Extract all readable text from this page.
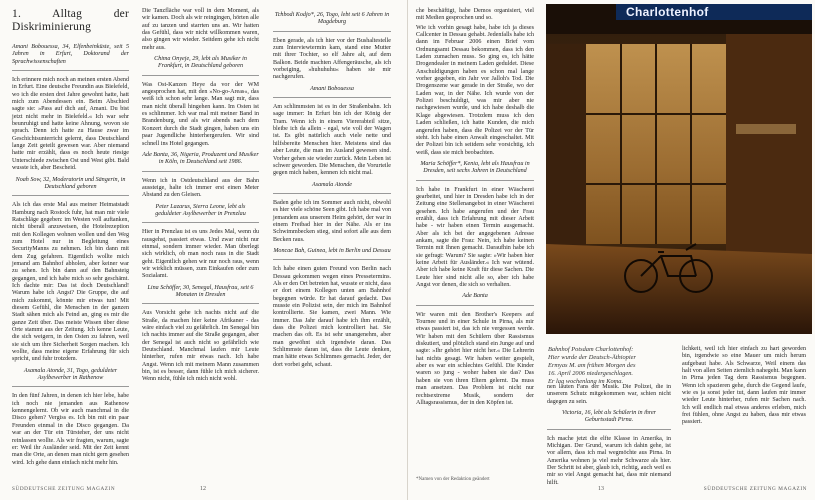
1. Alltag der Diskriminierung

Amani Bobouessa, 34, Elfenbeinküste, seit 5 Jahren in Erfurt, Doktorand der Sprachwissenschaften

Ich erinnere mich noch an meinen ersten Abend in Erfurt. Eine deutsche Freundin aus Bielefeld, wo ich die ersten drei Jahre gewohnt hatte, hatt mich zum Abendessen ein. Beim Abschied sagte sie: »Pass auf dich auf, Amani. Du bist jetzt nicht mehr in Bielefeld.« Ich war sehr beunruhigt und hatte keine Ahnung, wovon sie sprach. Denn ich hatte zu Hause zwar im Geschichtsunterricht gelernt, dass Deutschland lange Zeit geteilt gewesen war. Aber niemand hatte mir erzählt, dass es noch heute riesige Unterschiede zwischen Ost und West gibt. Bald wusste ich, aber Bescheid.

Noah Sow, 32, Moderatorin und Sängerin, in Deutschland geboren

Als ich das erste Mal aus meiner Heimatstadt Hamburg nach Rostock fuhr, hat man mir viele Ratschläge gegeben: im Westen voll auftanken, nicht überall anzuweisen, die Hotelrezeption mit den Kollegen wohnen wollen und den Weg zum Hotel nur in Begleitung eines SecurityManns zu nehmen. Ich bin dann mit dem Zug gefahren. Eigentlich wollte mich jemand am Bahnhof abholen, aber keiner war zu sehen. Ich bin dann auf den Bahnsteig gegangen, und ich habe mich so sehr geschämt. Ich dachte mir: Das ist doch Deutschland! Warum habe ich Angst? Die Gruppe, die auf mich zukommt, könnte mir etwas tun! Mit diesem Gefühl, die Menschen in der ganzen Stadt sähen mich als Feind an, ging es mir die ganze Zeit über. Das meiste Wissen über diese Orte stammt aus der Zeitung. Ich kenne Leute, die sich weigern, in den Osten zu fahren, weil sie sich um ihre Sicherheit Sorgen machen. Ich wollte, dass meine eigene Erfahrung für sich spricht, und fuhr trotzdem.

Asamala Atonde, 31, Togo, geduldeter Asylbewerber in Rathenow

In den fünf Jahren, in denen ich hier lebe, habe ich noch nie jemanden aus Rathenow kennengelernt. Ob wir auch manchmal in die Disco gehen? Vergiss es. Ich bin mit ein paar Freunden einmal in die Disco gegangen. Da war an der Tür ein Türsteher, der uns nicht reinlassen wollte. Als wir fragten, warum, sagte er: Weil ihr Ausländer seid. Mit der Zeit kennt man die Orte, an denen man nicht gern gesehen wird. Ich gehe dann einfach nicht mehr hin.

Die Tanzfläche war voll in dem Moment, als wir kamen. Doch als wir reingingen, hörten alle auf zu tanzen und starrten uns an. Wir hatten das Gefühl, dass wir nicht willkommen waren, also gingen wir wieder. Seitdem gehe ich nicht mehr aus.

Chima Onyeje, 29, lebt als Musiker in Frankfurt, in Deutschland geboren

Was Ost-Kanzen Heye da vor der WM angesprochen hat, mit den »No-go-Areas«, das weiß ich schon sehr lange. Man sagt mir, dass man nicht überall hingehen kann. Im Osten ist es schlimmer. Ich war mal mit meiner Band in Brandenburg, und als wir abends nach dem Konzert durch die Stadt gingen, haben uns ein paar Jugendliche hinterhergerufen. Wir sind schnell ins Hotel gegangen.

Ade Banta, 36, Nigeria, Produzent und Musiker in Köln, in Deutschland seit 1986.

Wenn ich in Ostdeutschland aus der Bahn aussteige, halte ich immer erst einen Meter Abstand zu den Gleisen.

Peter Lazarus, Sierra Leone, lebt als geduldeter Asylbewerber in Prenzlau

Hier in Prenzlau ist es uns Jedes Mal, wenn du rausgehst, passiert etwas. Und zwar nicht nur einmal, sondern immer wieder. Man überlegt sich wirklich, ob man noch raus in die Stadt geht. Eigentlich gehen wir nur noch raus, wenn wir wirklich müssen, zum Einkaufen oder zum Sozialamt.

Lina Schöffer, 30, Senegal, Hausfrau, seit 6 Monaten in Dresden

Aus Vorsicht gehe ich nachts nicht auf die Straße, da machen hier keine Afrikaner - das wäre einfach viel zu gefährlich. Im Senegal bin ich nachts immer auf die Straße gegangen, aber der Senegal ist auch nicht so gefährlich wie Deutschland. Manchmal laufen mir Leute hinterher, rufen mir etwas nach. Ich habe Angst. Wenn ich mit meinem Mann zusammen bin, ist es besser, dann fühle ich mich sicherer. Wenn nicht, fühle ich mich nicht wohl.

Tchbodi Kodjo*, 26, Togo, lebt seit 6 Jahren in Magdeburg

Eben gerade, als ich hier vor der Bushaltestelle zum Interviewtermin kam, stand eine Mutter mit ihrer Tochter, so elf Jahre alt, auf dem Balkon. Beide machten Affengeräusche, als ich vorbeiging, »huhuhuhu« haben sie mir nachgerufen.

Amani Bobouessa

Am schlimmsten ist es in der Straßenbahn. Ich sage immer: In Erfurt bin ich der König der Tram. Wenn ich in einem Viererabteil sitze, bleibe ich da allein - egal, wie voll der Wagen ist. Es gibt natürlich auch viele nette und hilfsbereite Menschen hier. Meistens sind das aber Leute, die man im Ausland gewesen sind. Vorher gehen sie wieder zurück. Mein Leben ist schwer geworden. Die Menschen, die Vorurteile gegen mich haben, kennen ich nicht mal.

Asamala Atonde

Baden gehe ich im Sommer auch nicht, obwohl es hier viele schöne Seen gibt. Ich habe mal von jemandem aus unserem Heim gehört, der war in einem Freibad hier in der Nähe. Als er ins Schwimmbecken stieg, sind sofort alle aus dem Becken raus.

Moncae Bah, Guinea, lebt in Berlin und Dessau

Ich habe einen guten Freund von Berlin nach Dessau gekommen wegen eines Pressetermins. Als er den Ort betreten hat, wusste er nicht, dass er dort einem Kollegen unten am Bahnhof begegnen würde. Er hat darauf gedacht. Das musste ein Polizist sein, der mich im Bahnhof kontrollierte. Sie kamen, zwei Mann. Wie immer. Das Jahr darauf habe ich ihm erzählt, dass die Polizei mich kontrolliert hat. Sie machen das oft. Es ist sehr unangenehm, aber man gewöhnt sich irgendwie daran. Das Schlimmste daran ist, dass die Leute denken, man hätte etwas Schlimmes gemacht. Jeder, der dort vorbei geht, schaut.

SÜDDEUTSCHE ZEITUNG MAGAZIN	12

che beschäftigt, habe Demos organisiert, viel mit Medien gesprochen und so.

Wie ich vorhin gesagt habe, habe ich ja dieses Callcenter in Dessau gehabt. Jedenfalls habe ich dann im Februar 2006 einen Brief vom Ordnungsamt Dessau bekommen, dass ich den Laden zumachen muss. So ging es, ich hätte Drogendealer in meinem Laden geduldet. Diese Anschuldigungen haben es schon mal lange vorher gegeben, ein Jahr vor Jalloh's Tod. Die Drogenszene war gerade in der Straße, wo der Laden war, in der Nähe. Ich wurde von der Polizei beschuldigt, was mir aber nie nachgewiesen wurde, und ich habe deshalb die Klage abgewiesen. Trotzdem muss ich den Laden schließen, ich hatte Kunden, die mich angerufen haben, dass die Polizei vor der Tür steht. Ich habe einen Anwalt eingeschaltet. Mit der Polizei bin ich seitdem sehr vorsichtig, ich weiß, dass sie mich beobachten.

Maria Schöffer*, Kenia, lebt als Hausfrau in Dresden, seit sechs Jahren in Deutschland

Ich habe in Frankfurt in einer Wäscherei gearbeitet, und hier in Dresden habe ich in der Zeitung eine Stellenangebot in einer Wäscherei gesehen. Ich habe angerufen und der Frau erzählt, dass ich Erfahrung mit dieser Arbeit habe - wir haben einen Termin ausgemacht. Aber als ich bei der angegebenen Adresse ankam, sagte die Frau: Nein, ich habe keinen Termin mit Ihnen gemacht. Daraufhin habe ich sie gefragt: Warum? Sie sagte: »Wir haben hier keine Arbeit für Ausländer.« Ich war wütend. Aber ich habe keine Kraft für diese Sachen. Die Leute hier sind nicht alle so, aber ich habe Angst vor denen, die sich so verhalten.

Ade Banta

Wir waren mit den Brother's Keepers auf Tournee und in einer Schule in Pirna, als mir etwas passiert ist, das ich nie vergessen werde. Wir haben mit den Schülern über Rassismus diskutiert, und plötzlich stand ein Junge auf und sagte: »Ihr gehört hier nicht her.« Die Lehrerin hat nichts gesagt. Wir haben weiter gespielt, aber es war ein schlechtes Gefühl. Die Kinder waren so jung - woher haben sie das? Das haben sie von ihren Eltern gelernt. Da muss man ansetzen. Das Problem ist nicht nur rechtsextreme Musik, sondern der Alltagsrassismus, der in den Köpfen ist.

*Namen von der Redaktion geändert
13	SÜDDEUTSCHE ZEITUNG MAGAZIN
Charlottenhof
Bahnhof Potsdam Charlottenhof: Hier wurde der Deutsch-Äthiopier Ermyas M. am frühen Morgen des 16. April 2006 niedergeschlagen. Er lag wochenlang im Koma.

nen lauten Fans der Musik. Die Polizei, die in unserem Schutz mitgekommen war, schien nicht dagegen zu sein.

Victoria, 16, lebt als Schülerin in ihrer Geburtsstadt Pirna.

Ich mache jetzt die elfte Klasse in Amerika, in Michigan. Der Grund, warum ich dahin gehe, ist vor allem, dass ich mal wegmöchte aus Pirna. In Amerika wohnen ja viel mehr Schwarze als hier. Der Schritt ist aber, glaub ich, richtig, auch weil es mir so viel Angst gemacht hat, dass mir niemand hilft.

lichkeit, weil ich hier einfach zu hart geworden bin, irgendwie so eine Mauer um mich herum aufgebaut habe. Als Schwarze, Weil einem das halt von allen Seiten ziemlich nahegeht. Man kann in Pirna jeden Tag dem Rassismus begegnen. Wenn ich spazieren gehe, durch die Gegend laufe, wie es ja sonst jeder tut, dann laufen mir immer wieder Leute hinterher, rufen mir Sachen nach. Ich will endlich mal etwas anderes erleben, mich frei fühlen, ohne Angst zu haben, dass mir etwas passiert.
